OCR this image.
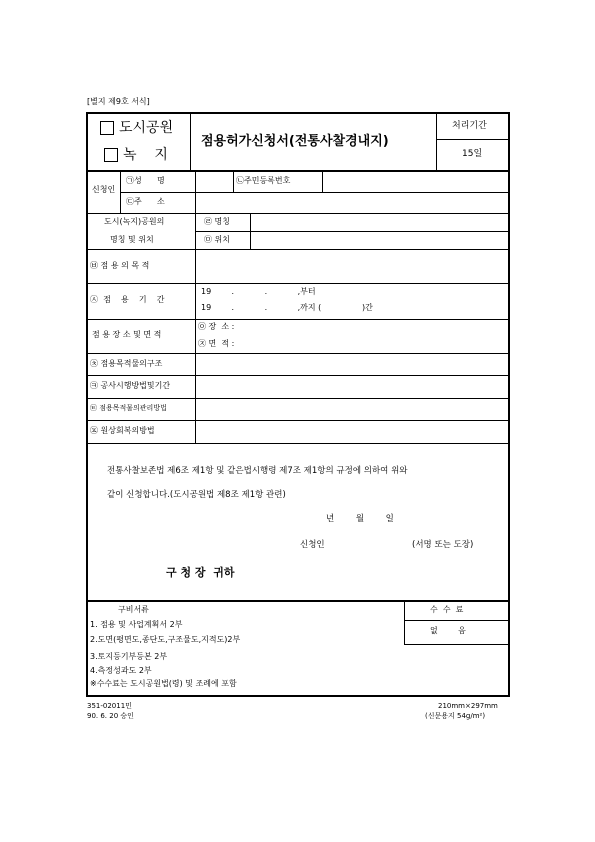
[별지 제9호 서식]
도시공원
녹    지
점용허가신청서(전통사찰경내지)
처리기간
15일
신청인
㉠성      명	㉡주민등록번호
㉢주      소
도시(녹지)공원의
명칭 및 위치
㉣ 명칭
㉤ 위치
㉥ 점 용 의 목 적
㉦  점    용    기    간
19        .            .            ,부터
19        .            .            ,까지 (                )간
점 용 장 소 및 면 적
㉧ 장  소 :
㉨ 면  적 :
㉩ 점용목적물의구조
㉪ 공사시행방법및기간
㉫ 점용목적물의관리방법
㉬ 원상회복의방법
전통사찰보존법 제6조 제1항 및 같은법시행령 제7조 제1항의 규정에 의하여 위와
같이 신청합니다.(도시공원법 제8조 제1항 관련)
년        월        일
신청인	(서명 또는 도장)
구 청 장  귀하
구비서류
1. 점용 및 사업계획서 2부
2.도면(평면도,종단도,구조물도,지적도)2부
3.토지등기부등본 2부
4.측정성과도 2부
※수수료는 도시공원법(령) 및 조례에 포함
수  수  료
없        음
351-02011민
90. 6. 20 승인
210mm×297mm
(신문용지 54g/m²)
